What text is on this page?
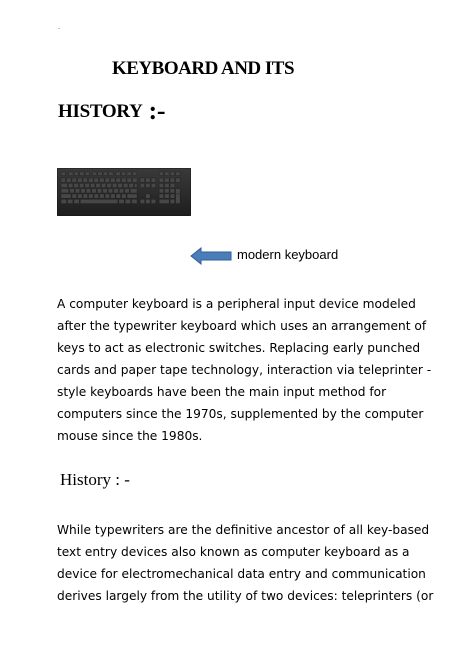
.
KEYBOARD AND ITS
HISTORY :-
modern keyboard

A computer keyboard is a peripheral input device modeled
after the typewriter keyboard which uses an arrangement of
keys to act as electronic switches. Replacing early punched
cards and paper tape technology, interaction via teleprinter -
style keyboards have been the main input method for
computers since the 1970s, supplemented by the computer
mouse since the 1980s.

History : -

While typewriters are the definitive ancestor of all key-based
text entry devices also known as computer keyboard as a
device for electromechanical data entry and communication
derives largely from the utility of two devices: teleprinters (or
